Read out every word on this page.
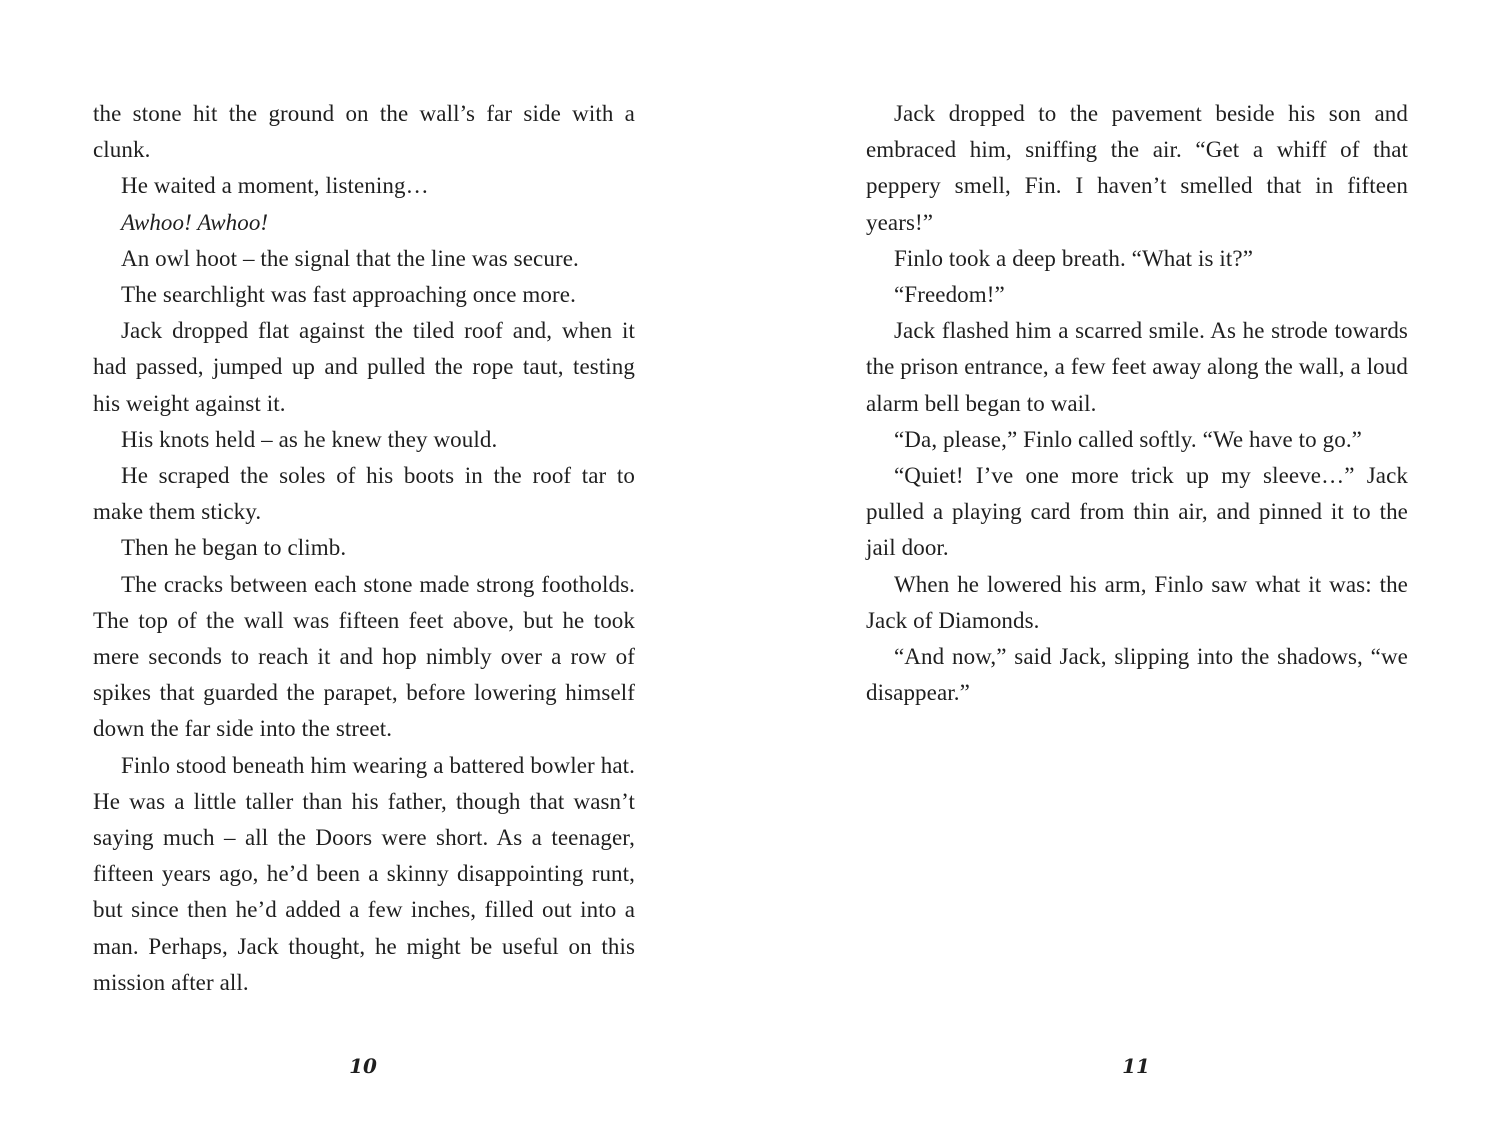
the stone hit the ground on the wall’s far side with a clunk.

He waited a moment, listening…

Awhoo! Awhoo!

An owl hoot – the signal that the line was secure.

The searchlight was fast approaching once more.

Jack dropped flat against the tiled roof and, when it had passed, jumped up and pulled the rope taut, testing his weight against it.

His knots held – as he knew they would.

He scraped the soles of his boots in the roof tar to make them sticky.

Then he began to climb.

The cracks between each stone made strong footholds. The top of the wall was fifteen feet above, but he took mere seconds to reach it and hop nimbly over a row of spikes that guarded the parapet, before lowering himself down the far side into the street.

Finlo stood beneath him wearing a battered bowler hat. He was a little taller than his father, though that wasn’t saying much – all the Doors were short. As a teenager, fifteen years ago, he’d been a skinny disappointing runt, but since then he’d added a few inches, filled out into a man. Perhaps, Jack thought, he might be useful on this mission after all.

Jack dropped to the pavement beside his son and embraced him, sniffing the air. “Get a whiff of that peppery smell, Fin. I haven’t smelled that in fifteen years!”

Finlo took a deep breath. “What is it?”

“Freedom!”

Jack flashed him a scarred smile. As he strode towards the prison entrance, a few feet away along the wall, a loud alarm bell began to wail.

“Da, please,” Finlo called softly. “We have to go.”

“Quiet! I’ve one more trick up my sleeve…” Jack pulled a playing card from thin air, and pinned it to the jail door.

When he lowered his arm, Finlo saw what it was: the Jack of Diamonds.

“And now,” said Jack, slipping into the shadows, “we disappear.”

10	11
